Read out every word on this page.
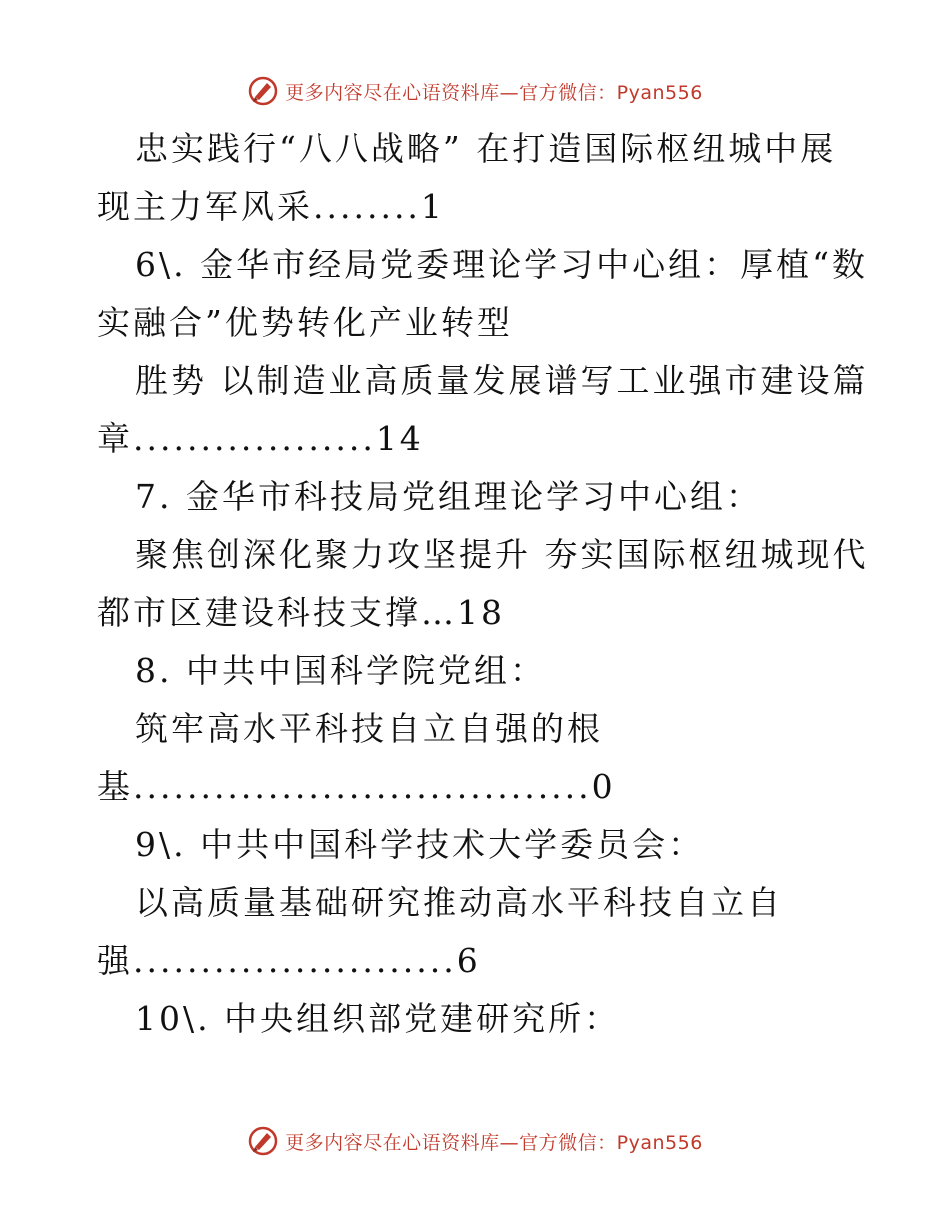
更多内容尽在心语资料库—官方微信：Pyan556
忠实践行“八八战略” 在打造国际枢纽城中展
现主力军风采........1
6\. 金华市经局党委理论学习中心组：厚植“数
实融合”优势转化产业转型
胜势 以制造业高质量发展谱写工业强市建设篇
章..................14
7. 金华市科技局党组理论学习中心组：
聚焦创深化聚力攻坚提升 夯实国际枢纽城现代
都市区建设科技支撑…18
8. 中共中国科学院党组：
筑牢高水平科技自立自强的根
基..................................0
9\. 中共中国科学技术大学委员会：
以高质量基础研究推动高水平科技自立自
强........................6
10\. 中央组织部党建研究所：
更多内容尽在心语资料库—官方微信：Pyan556
